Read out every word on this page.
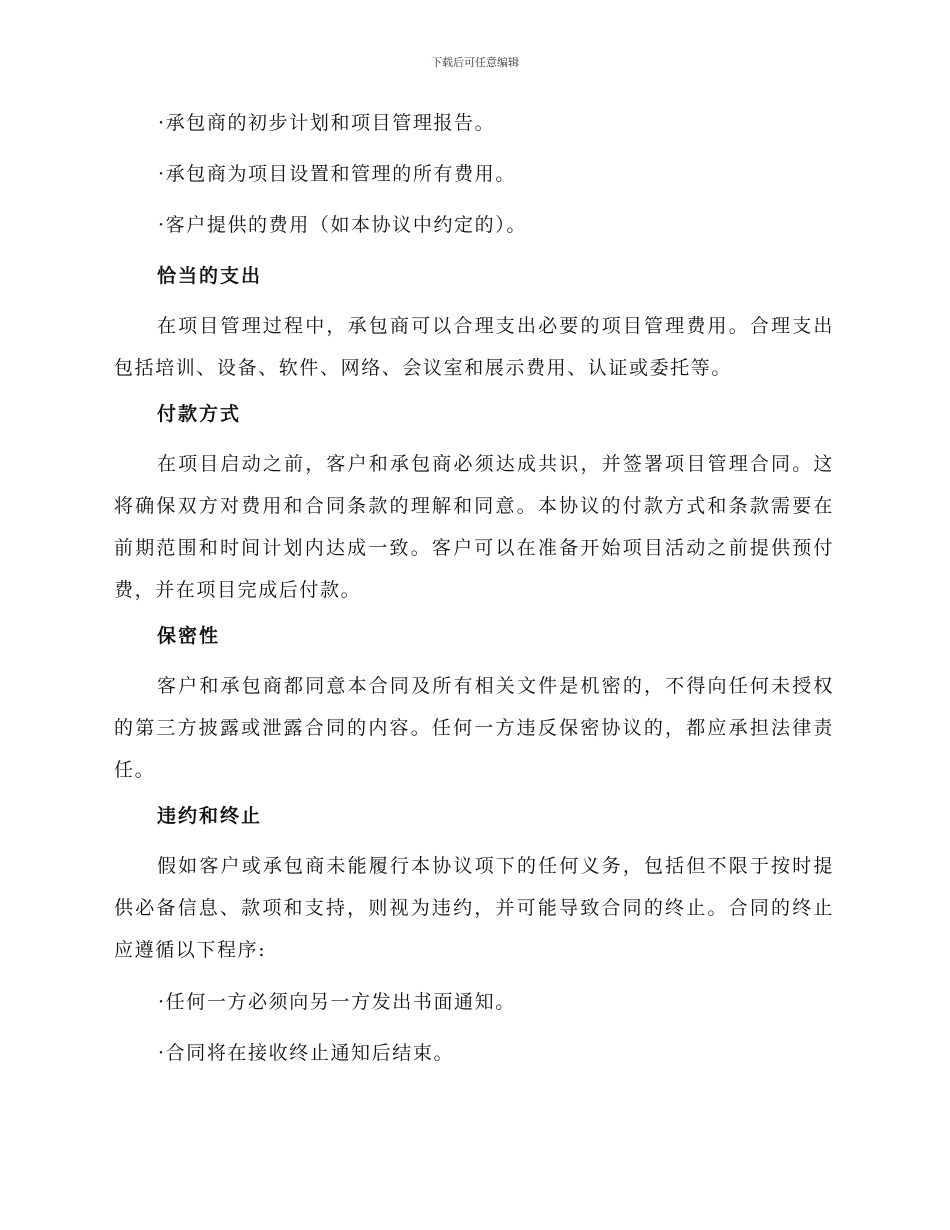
下载后可任意编辑

·承包商的初步计划和项目管理报告。

·承包商为项目设置和管理的所有费用。

·客户提供的费用（如本协议中约定的）。

恰当的支出

在项目管理过程中，承包商可以合理支出必要的项目管理费用。合理支出包括培训、设备、软件、网络、会议室和展示费用、认证或委托等。

付款方式

在项目启动之前，客户和承包商必须达成共识，并签署项目管理合同。这将确保双方对费用和合同条款的理解和同意。本协议的付款方式和条款需要在前期范围和时间计划内达成一致。客户可以在准备开始项目活动之前提供预付费，并在项目完成后付款。

保密性

客户和承包商都同意本合同及所有相关文件是机密的，不得向任何未授权的第三方披露或泄露合同的内容。任何一方违反保密协议的，都应承担法律责任。

违约和终止

假如客户或承包商未能履行本协议项下的任何义务，包括但不限于按时提供必备信息、款项和支持，则视为违约，并可能导致合同的终止。合同的终止应遵循以下程序:

·任何一方必须向另一方发出书面通知。

·合同将在接收终止通知后结束。
